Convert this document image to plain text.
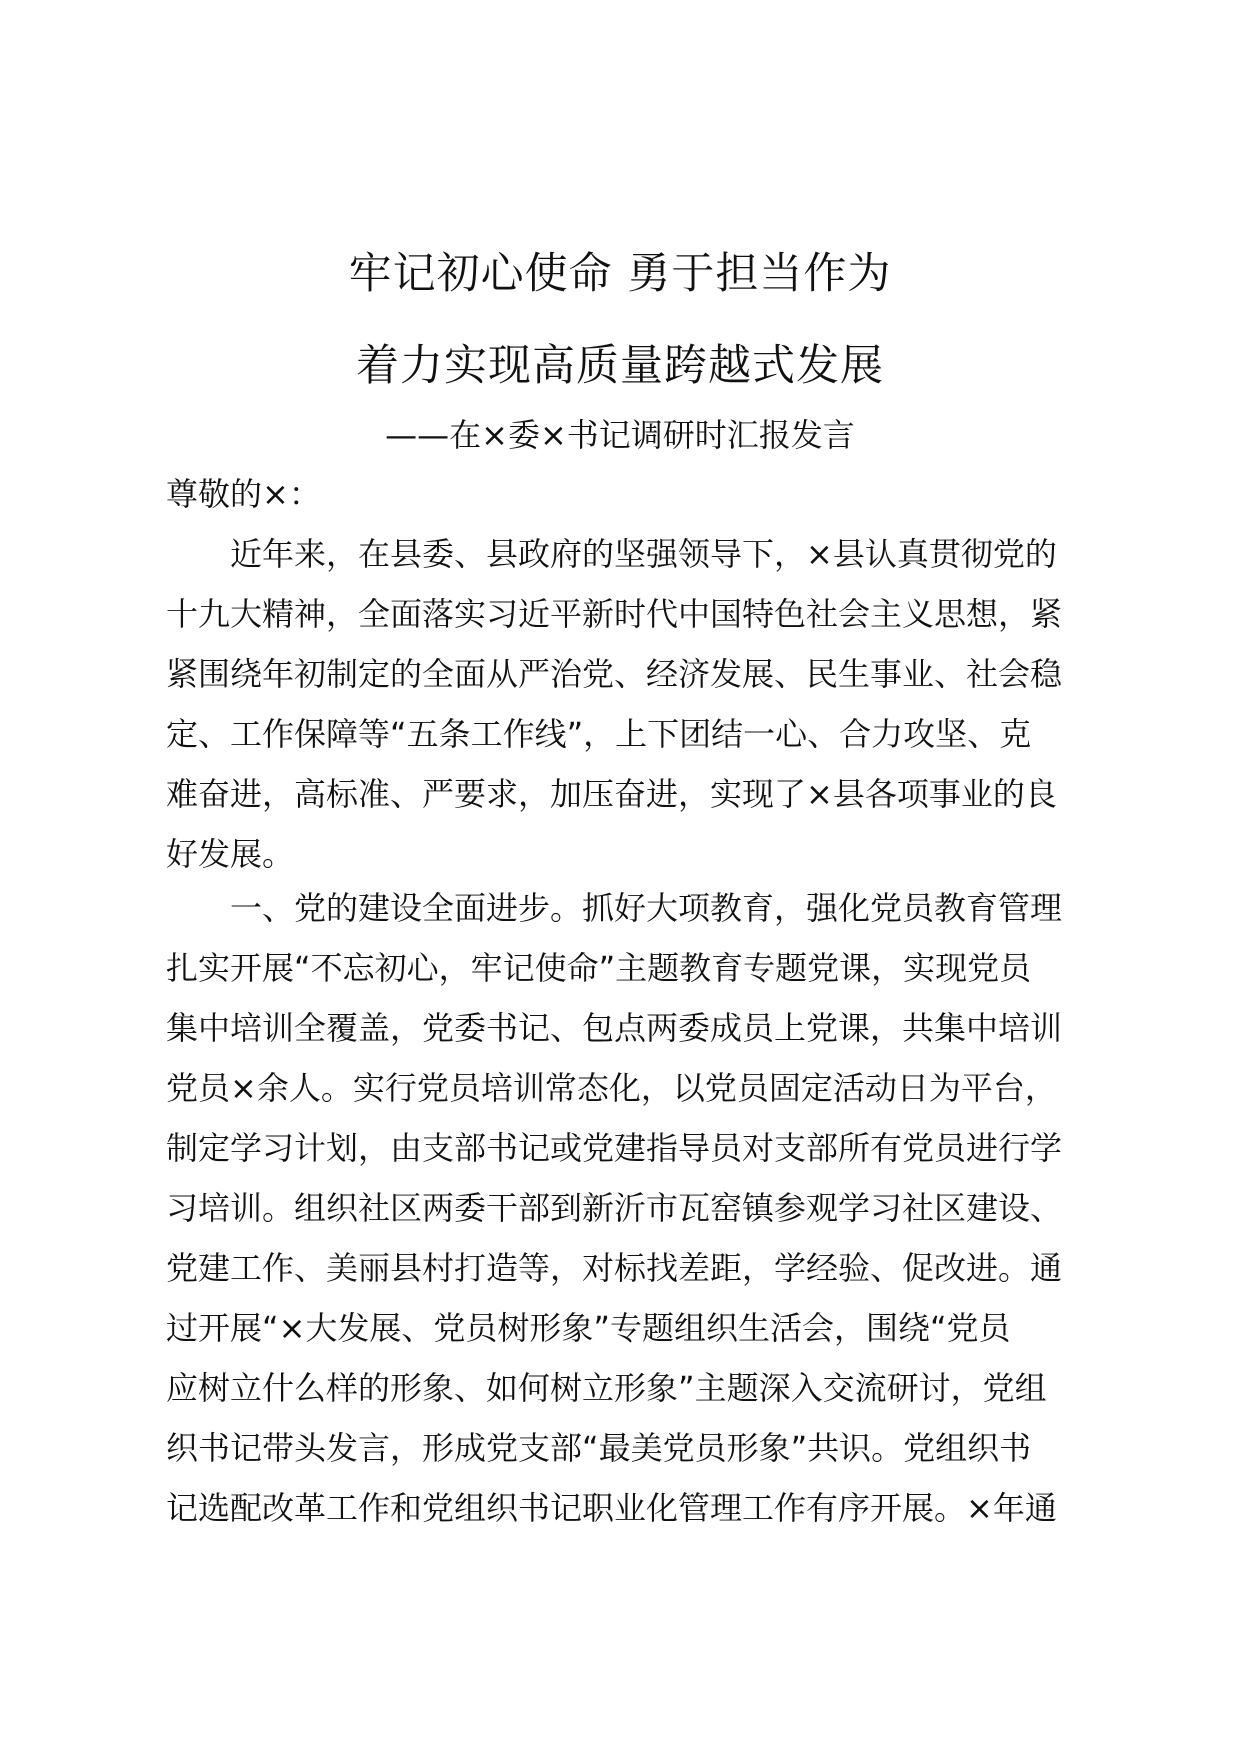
牢记初心使命 勇于担当作为
着力实现高质量跨越式发展
——在×委×书记调研时汇报发言
尊敬的×：
近年来，在县委、县政府的坚强领导下，×县认真贯彻党的
十九大精神，全面落实习近平新时代中国特色社会主义思想，紧
紧围绕年初制定的全面从严治党、经济发展、民生事业、社会稳
定、工作保障等“五条工作线”，上下团结一心、合力攻坚、克
难奋进，高标准、严要求，加压奋进，实现了×县各项事业的良
好发展。
一、党的建设全面进步。抓好大项教育，强化党员教育管理
扎实开展“不忘初心，牢记使命”主题教育专题党课，实现党员
集中培训全覆盖，党委书记、包点两委成员上党课，共集中培训
党员×余人。实行党员培训常态化，以党员固定活动日为平台，
制定学习计划，由支部书记或党建指导员对支部所有党员进行学
习培训。组织社区两委干部到新沂市瓦窑镇参观学习社区建设、
党建工作、美丽县村打造等，对标找差距，学经验、促改进。通
过开展“×大发展、党员树形象”专题组织生活会，围绕“党员
应树立什么样的形象、如何树立形象”主题深入交流研讨，党组
织书记带头发言，形成党支部“最美党员形象”共识。党组织书
记选配改革工作和党组织书记职业化管理工作有序开展。×年通
